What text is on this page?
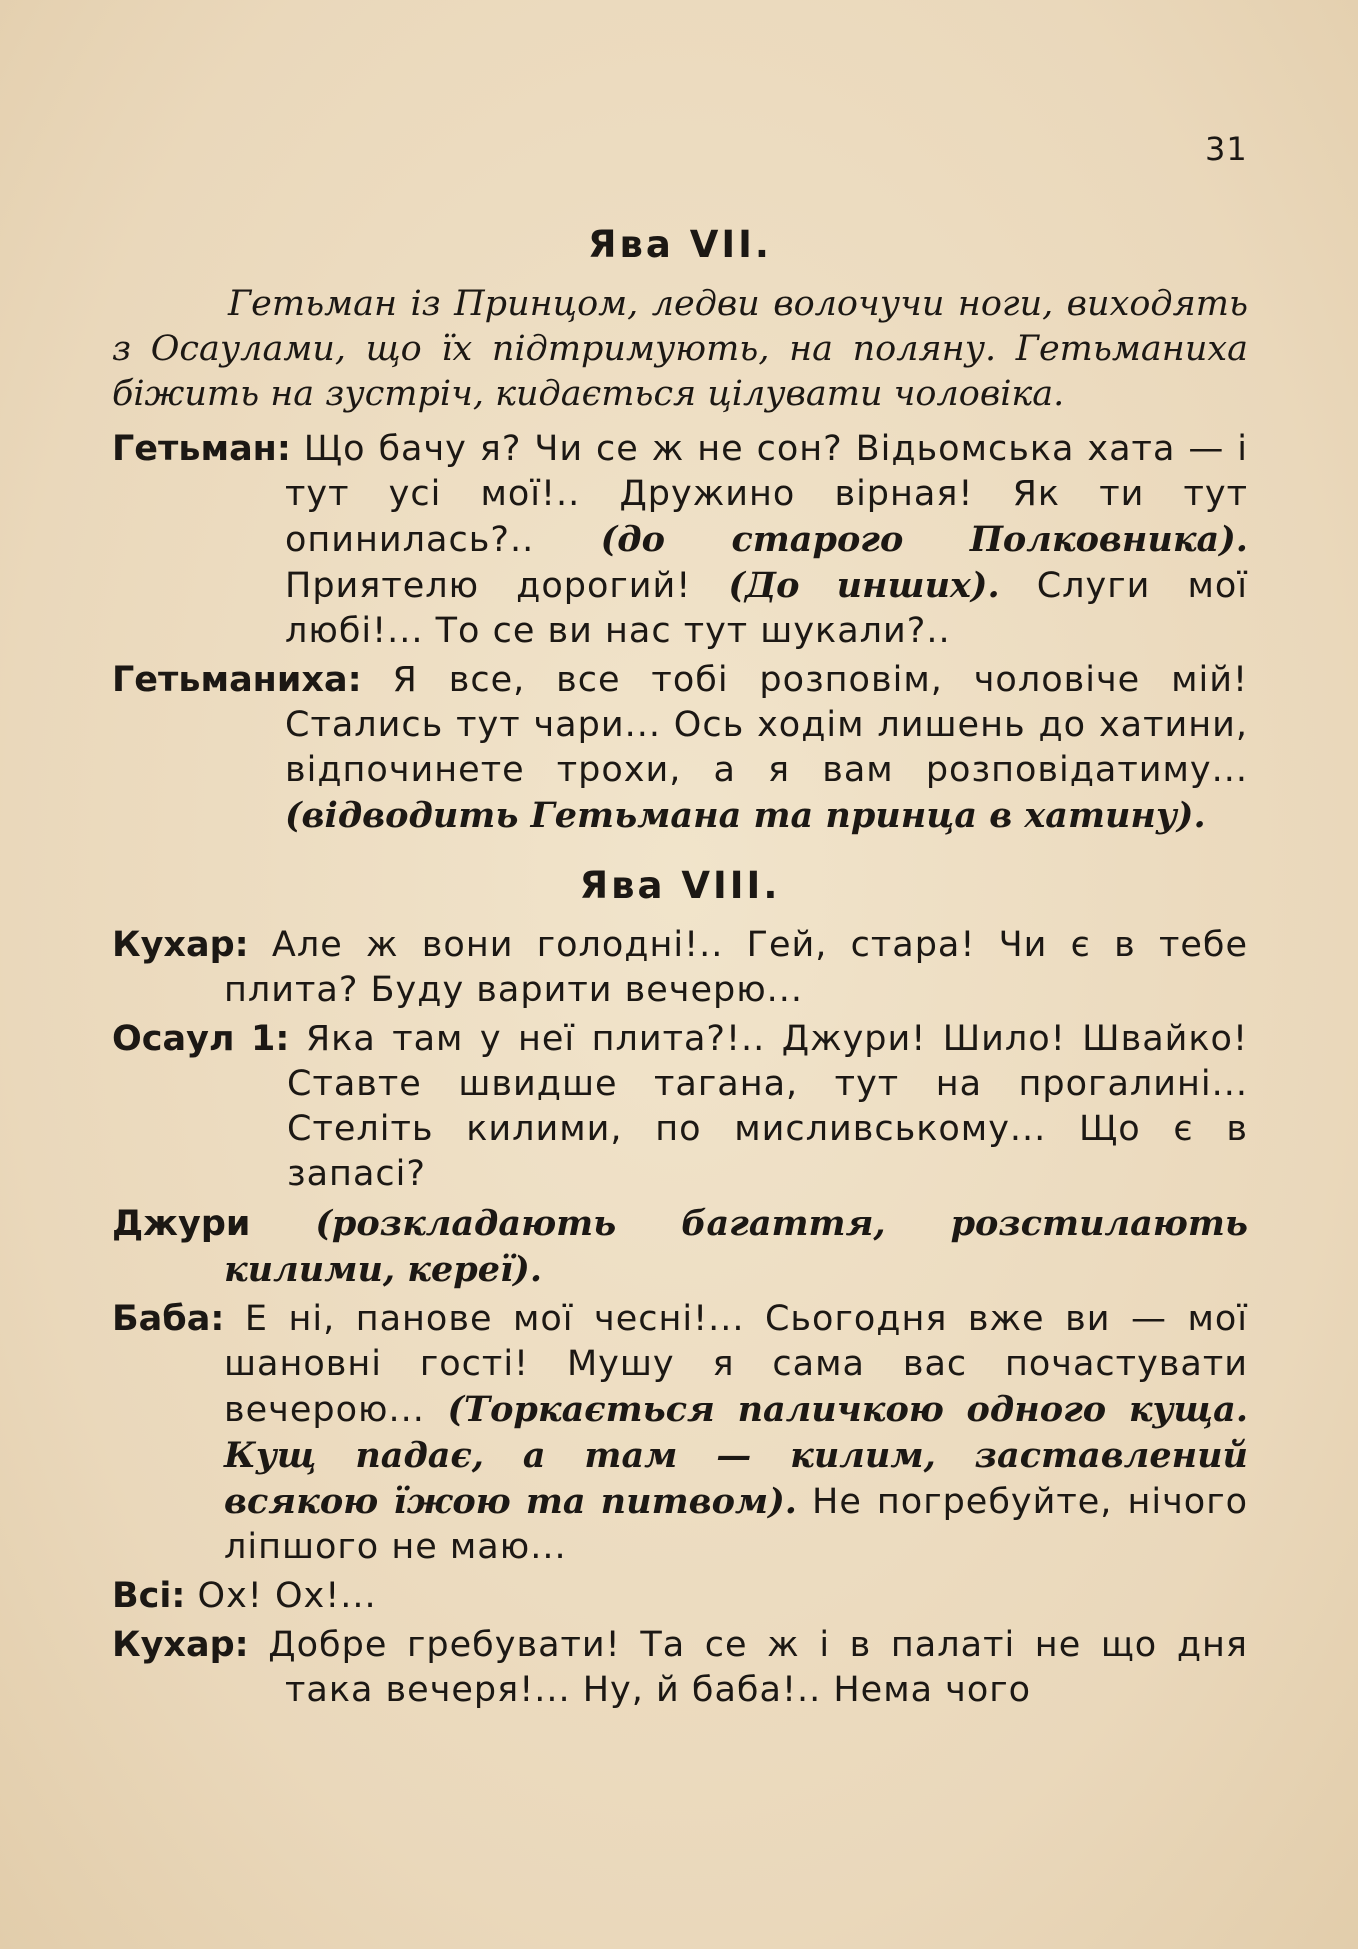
31
Ява VII.

Гетьман із Принцом, ледви волочучи ноги, виходять з Осаулами, що їх підтримують, на поляну. Гетьманиха біжить на зустріч, кидається цілувати чоловіка.

Гетьман: Що бачу я? Чи се ж не сон? Відьомська хата — і тут усі мої!.. Дружино вірная! Як ти тут опинилась?.. (до старого Полковника). Приятелю дорогий! (До инших). Слуги мої любі!... То се ви нас тут шукали?..

Гетьманиха: Я все, все тобі розповім, чоловіче мій! Стались тут чари... Ось ходім лишень до хатини, відпочинете трохи, а я вам розповідатиму... (відводить Гетьмана та принца в хатину).

Ява VIII.

Кухар: Але ж вони голодні!.. Гей, стара! Чи є в тебе плита? Буду варити вечерю...

Осаул 1: Яка там у неї плита?!.. Джури! Шило! Швайко! Ставте швидше тагана, тут на прогалині... Стеліть килими, по мисливському... Що є в запасі?

Джури (розкладають багаття, розстилають килими, кереї).

Баба: Е ні, панове мої чесні!... Сьогодня вже ви — мої шановні гості! Мушу я сама вас почастувати вечерою... (Торкається паличкою одного куща. Кущ падає, а там — килим, заставлений всякою їжою та питвом). Не погребуйте, нічого ліпшого не маю...

Всі: Ох! Ох!...

Кухар: Добре гребувати! Та се ж і в палаті не що дня така вечеря!... Ну, й баба!.. Нема чого
